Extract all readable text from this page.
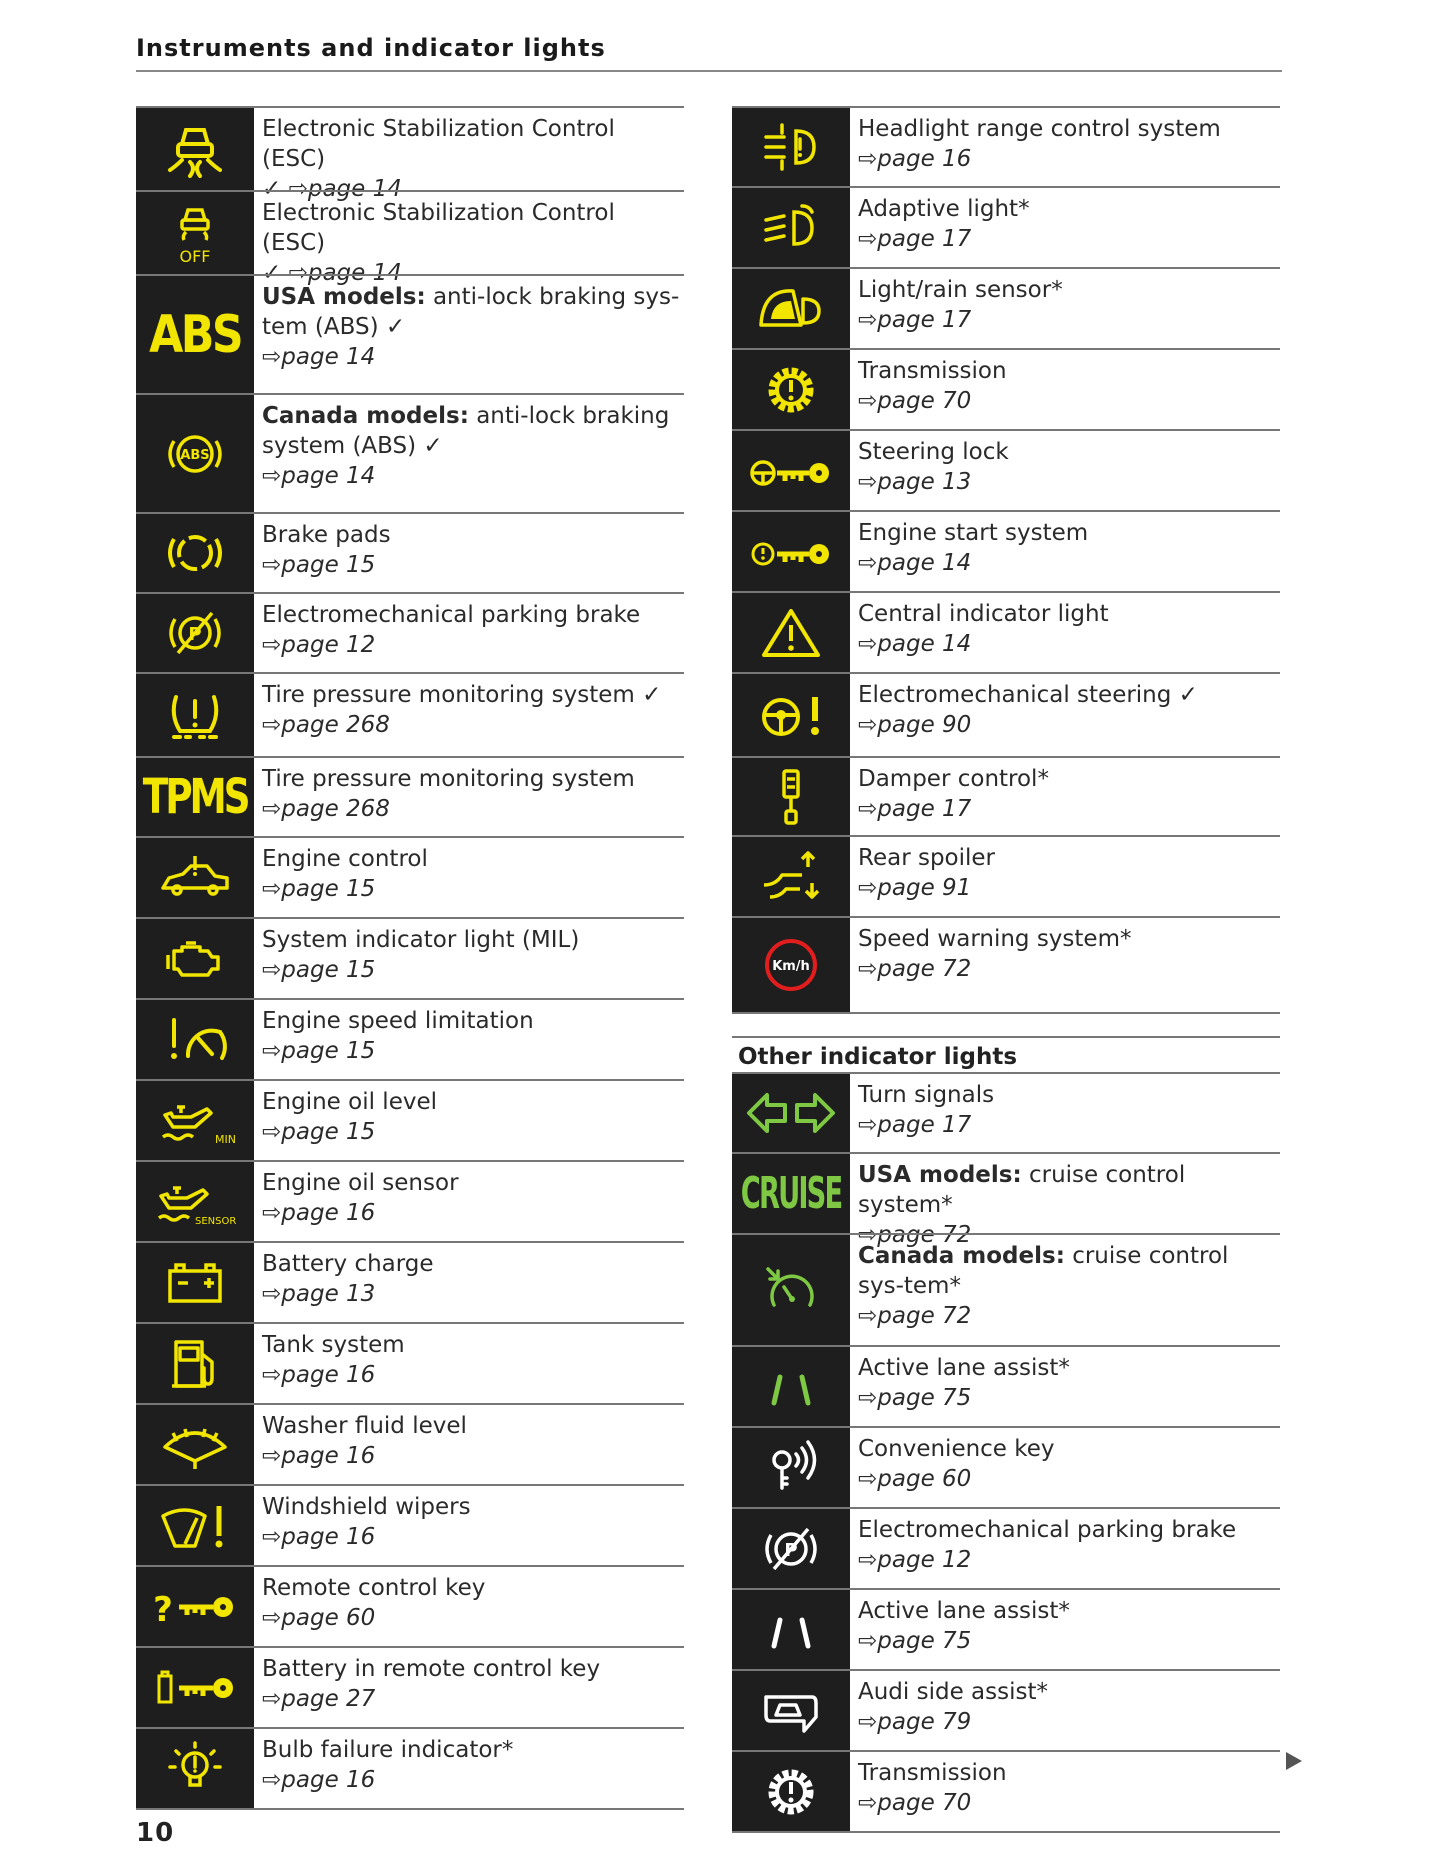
Instruments and indicator lights
Electronic Stabilization Control (ESC)
✓ ⇨page 14
OFF
Electronic Stabilization Control (ESC)
✓ ⇨page 14
ABS
USA models: anti-lock braking sys-tem (ABS) ✓
⇨page 14
ABS
Canada models: anti-lock braking system (ABS) ✓
⇨page 14
Brake pads
⇨page 15
P
Electromechanical parking brake
⇨page 12
Tire pressure monitoring system ✓
⇨page 268
TPMS Tire pressure monitoring system
⇨page 268
Engine control
⇨page 15
System indicator light (MIL)
⇨page 15
Engine speed limitation
⇨page 15
MIN
Engine oil level
⇨page 15
SENSOR
Engine oil sensor
⇨page 16
Battery charge
⇨page 13
Tank system
⇨page 16
Washer fluid level
⇨page 16
Windshield wipers
⇨page 16
?
Remote control key
⇨page 60
Battery in remote control key
⇨page 27
Bulb failure indicator*
⇨page 16
Headlight range control system
⇨page 16
Adaptive light*
⇨page 17
Light/rain sensor*
⇨page 17
Transmission
⇨page 70
Steering lock
⇨page 13
Engine start system
⇨page 14
Central indicator light
⇨page 14
Electromechanical steering ✓
⇨page 90
Damper control*
⇨page 17
Rear spoiler
⇨page 91
Km/h
Speed warning system*
⇨page 72
Other indicator lights
Turn signals
⇨page 17
CRUISE USA models: cruise control system*
⇨page 72
Canada models: cruise control sys-tem*
⇨page 72
Active lane assist*
⇨page 75
Convenience key
⇨page 60
P
Electromechanical parking brake
⇨page 12
Active lane assist*
⇨page 75
Audi side assist*
⇨page 79
Transmission
⇨page 70
10
